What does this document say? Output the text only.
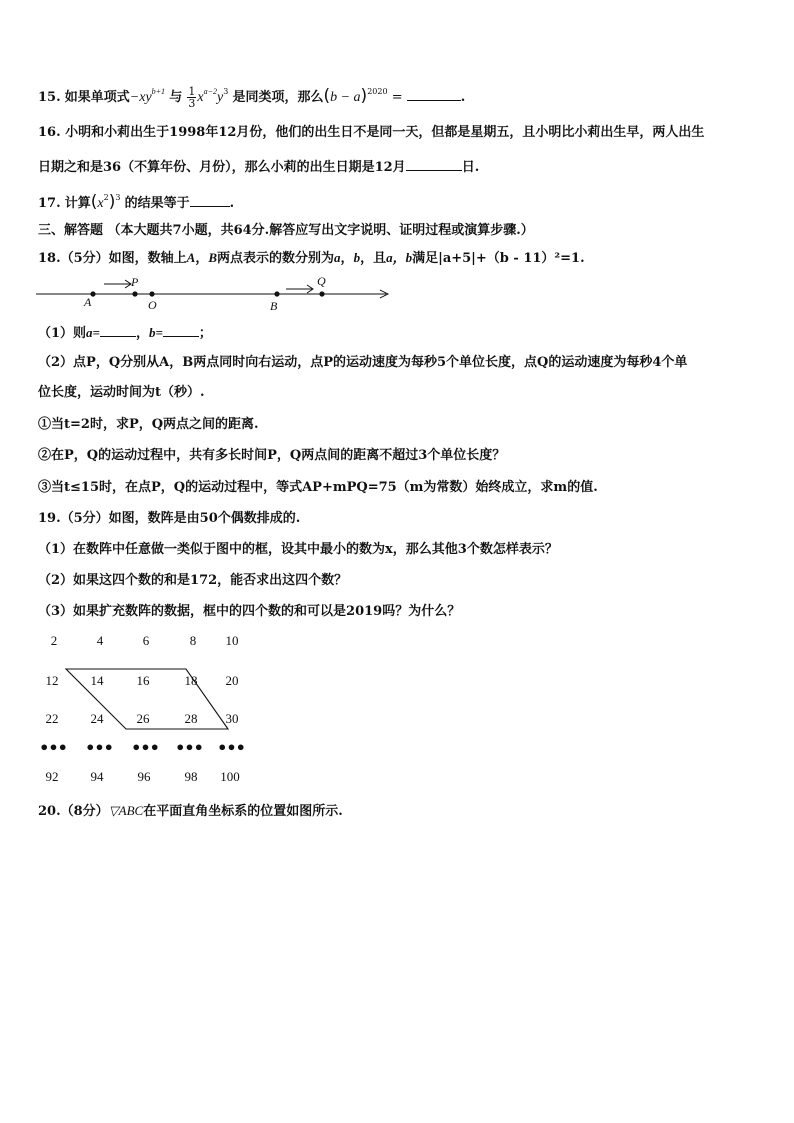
15. 如果单项式$-xy^{b+1}$ 与 $\frac{1}{3} x^{a-2}y^3$ 是同类项，那么$(b - a)^{2020}$ =	.
16. 小明和小莉出生于1998年12月份，他们的出生日不是同一天，但都是星期五，且小明比小莉出生早，两人出生
日期之和是36（不算年份、月份），那么小莉的出生日期是12月	日.
17. 计算$(x^2)^3$ 的结果等于	.
三、解答题 （本大题共7小题，共64分.解答应写出文字说明、证明过程或演算步骤.）
18.（5分）如图，数轴上A，B两点表示的数分别为a，b，且a，b满足|a+5|+（b - 11）²=1.
P	Q
A	O	B
（1）则a=	，b=	；
（2）点P，Q分别从A，B两点同时向右运动，点P的运动速度为每秒5个单位长度，点Q的运动速度为每秒4个单
位长度，运动时间为t（秒）.
①当t=2时，求P，Q两点之间的距离.
②在P，Q的运动过程中，共有多长时间P，Q两点间的距离不超过3个单位长度？
③当t≤15时，在点P，Q的运动过程中，等式AP+mPQ=75（m为常数）始终成立，求m的值.
19.（5分）如图，数阵是由50个偶数排成的.
（1）在数阵中任意做一类似于图中的框，设其中最小的数为x，那么其他3个数怎样表示？
（2）如果这四个数的和是172，能否求出这四个数？
（3）如果扩充数阵的数据，框中的四个数的和可以是2019吗？为什么？
2	4	6	8	10
12	14	16	18	20
22	24	26	28	30
••• ••• ••• ••• •••
92	94	96	98	100
20.（8分）▽ABC在平面直角坐标系的位置如图所示.
